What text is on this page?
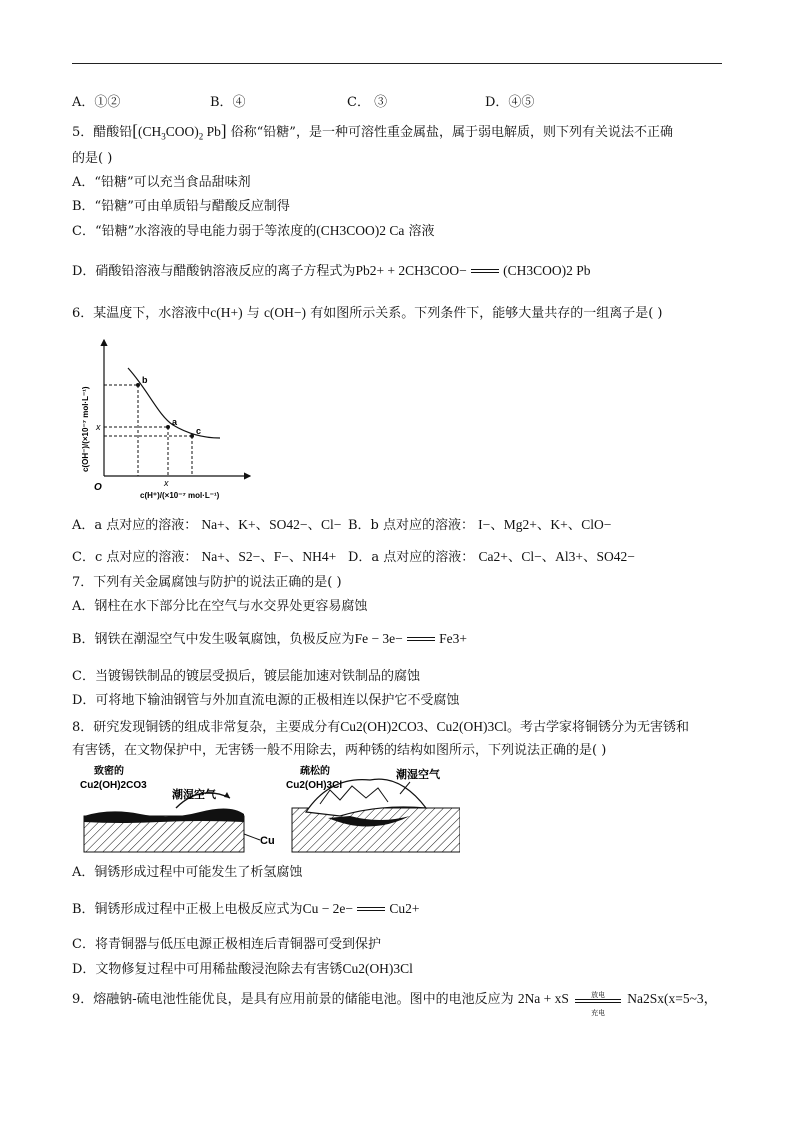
A．①②	B．④	C． ③	D．④⑤
5．醋酸铅[$(CH_3COO)_2$ Pb] 俗称“铅糖”，是一种可溶性重金属盐，属于弱电解质，则下列有关说法不正确
的是( )
A．“铅糖”可以充当食品甜味剂
B．“铅糖”可由单质铅与醋酸反应制得
C．“铅糖”水溶液的导电能力弱于等浓度的(CH3COO)2 Ca 溶液
D．硝酸铅溶液与醋酸钠溶液反应的离子方程式为Pb2+ + 2CH3COO−	(CH3COO)2 Pb
6．某温度下，水溶液中c(H+) 与 c(OH−) 有如图所示关系。下列条件下，能够大量共存的一组离子是( )
b
a
c
O	x
x
c(H⁺)/(×10⁻⁷ mol·L⁻¹)
c(OH⁻)/(×10⁻⁷ mol·L⁻¹)
A．a 点对应的溶液： Na+、K+、SO42−、Cl− B．b 点对应的溶液： I−、Mg2+、K+、ClO−
C．c 点对应的溶液： Na+、S2−、F−、NH4+ D．a 点对应的溶液： Ca2+、Cl−、Al3+、SO42−
7．下列有关金属腐蚀与防护的说法正确的是( )
A．钢柱在水下部分比在空气与水交界处更容易腐蚀
B．钢铁在潮湿空气中发生吸氧腐蚀，负极反应为Fe − 3e−	Fe3+
C．当镀锡铁制品的镀层受损后，镀层能加速对铁制品的腐蚀
D．可将地下输油钢管与外加直流电源的正极相连以保护它不受腐蚀
8．研究发现铜锈的组成非常复杂，主要成分有Cu2(OH)2CO3、Cu2(OH)3Cl。考古学家将铜锈分为无害锈和
有害锈，在文物保护中，无害锈一般不用除去，两种锈的结构如图所示，下列说法正确的是( )
致密的
Cu2(OH)2CO3
潮湿空气
Cu
疏松的
Cu2(OH)3Cl
潮湿空气
A．铜锈形成过程中可能发生了析氢腐蚀
B．铜锈形成过程中正极上电极反应式为Cu − 2e−	Cu2+
C．将青铜器与低压电源正极相连后青铜器可受到保护
D．文物修复过程中可用稀盐酸浸泡除去有害锈Cu2(OH)3Cl
9．熔融钠-硫电池性能优良，是具有应用前景的储能电池。图中的电池反应为 2Na + xS	放电
充电
Na2Sx(x=5~3，
